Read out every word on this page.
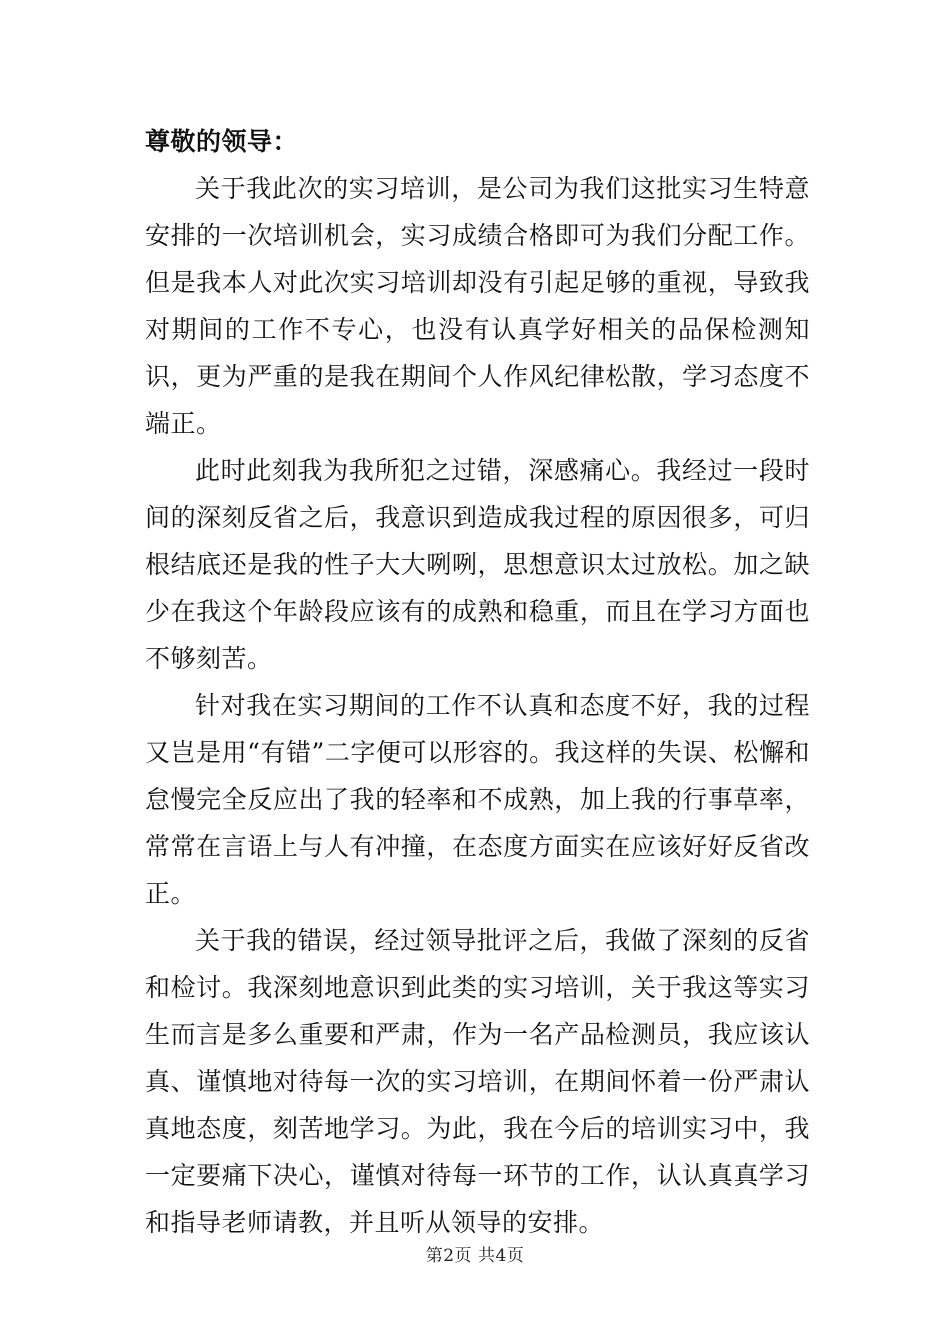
尊敬的领导：

关于我此次的实习培训，是公司为我们这批实习生特意安排的一次培训机会，实习成绩合格即可为我们分配工作。但是我本人对此次实习培训却没有引起足够的重视，导致我对期间的工作不专心，也没有认真学好相关的品保检测知识，更为严重的是我在期间个人作风纪律松散，学习态度不端正。

此时此刻我为我所犯之过错，深感痛心。我经过一段时间的深刻反省之后，我意识到造成我过程的原因很多，可归根结底还是我的性子大大咧咧，思想意识太过放松。加之缺少在我这个年龄段应该有的成熟和稳重，而且在学习方面也不够刻苦。

针对我在实习期间的工作不认真和态度不好，我的过程又岂是用“有错”二字便可以形容的。我这样的失误、松懈和怠慢完全反应出了我的轻率和不成熟，加上我的行事草率，常常在言语上与人有冲撞，在态度方面实在应该好好反省改正。

关于我的错误，经过领导批评之后，我做了深刻的反省和检讨。我深刻地意识到此类的实习培训，关于我这等实习生而言是多么重要和严肃，作为一名产品检测员，我应该认真、谨慎地对待每一次的实习培训，在期间怀着一份严肃认真地态度，刻苦地学习。为此，我在今后的培训实习中，我一定要痛下决心，谨慎对待每一环节的工作，认认真真学习和指导老师请教，并且听从领导的安排。

第2页 共4页
